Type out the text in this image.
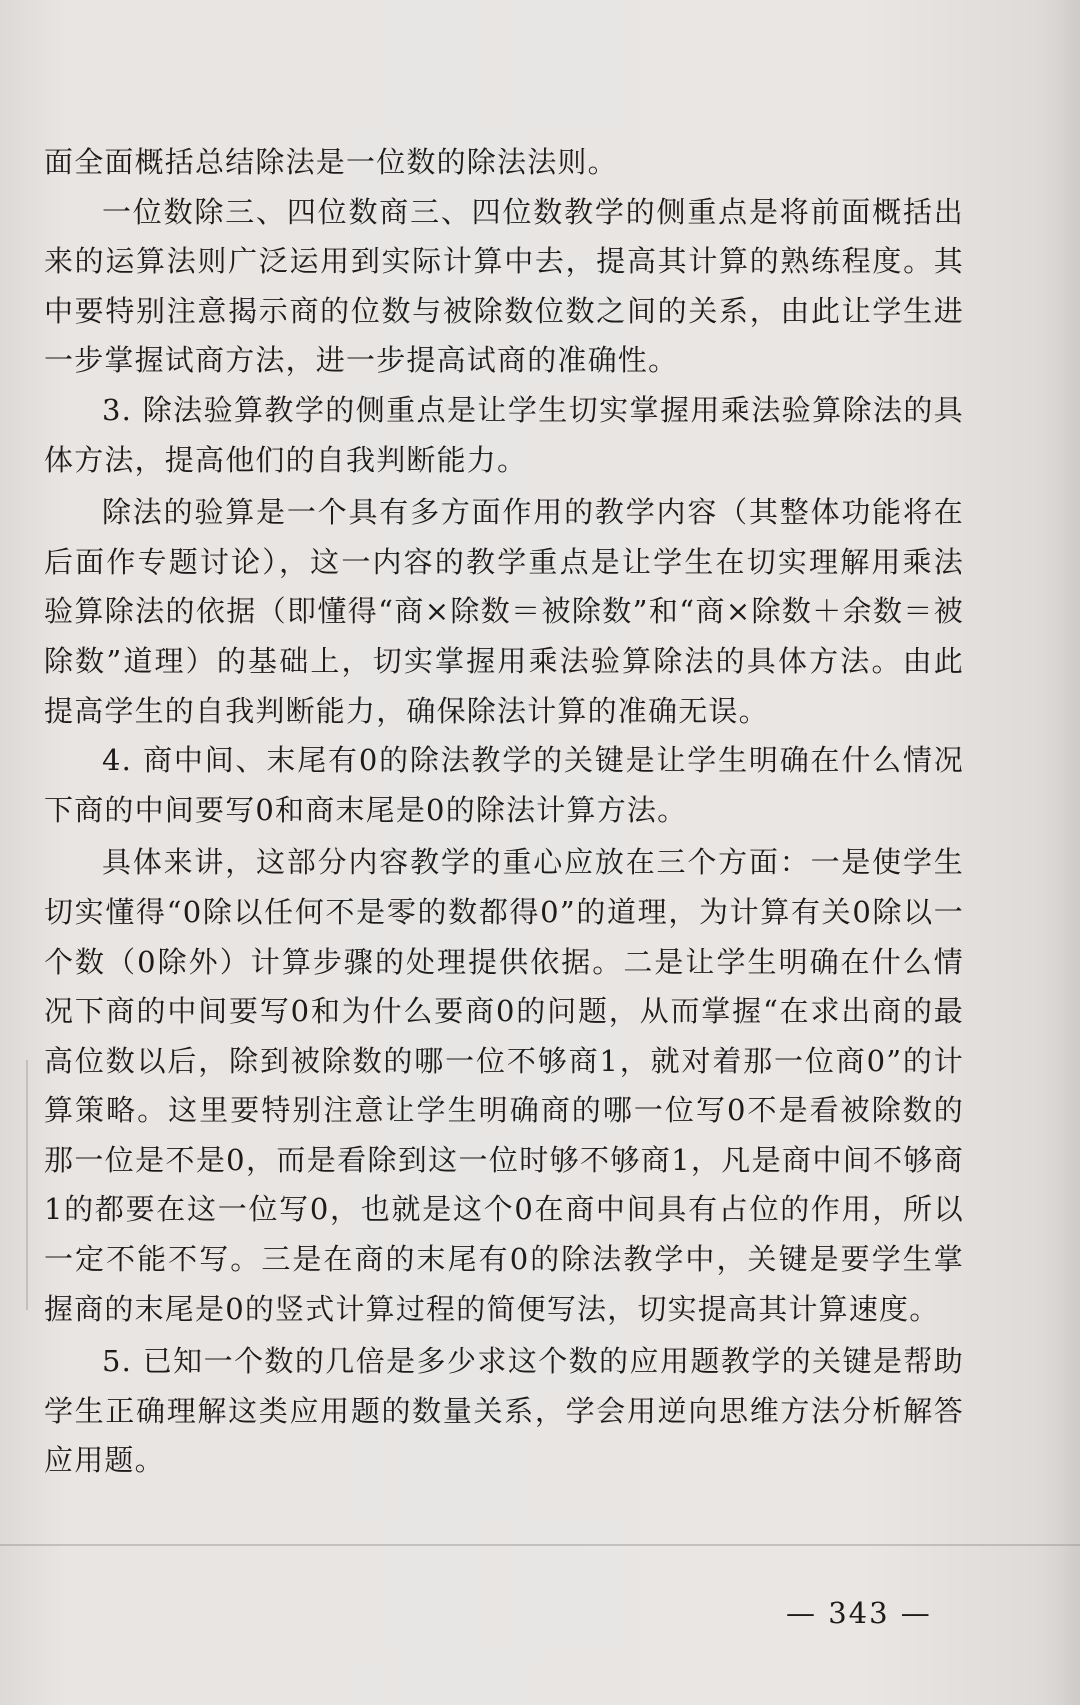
面全面概括总结除法是一位数的除法法则。

一位数除三、四位数商三、四位数教学的侧重点是将前面概括出来的运算法则广泛运用到实际计算中去，提高其计算的熟练程度。其中要特别注意揭示商的位数与被除数位数之间的关系，由此让学生进一步掌握试商方法，进一步提高试商的准确性。

3. 除法验算教学的侧重点是让学生切实掌握用乘法验算除法的具体方法，提高他们的自我判断能力。

除法的验算是一个具有多方面作用的教学内容（其整体功能将在后面作专题讨论），这一内容的教学重点是让学生在切实理解用乘法验算除法的依据（即懂得“商×除数＝被除数”和“商×除数＋余数＝被除数”道理）的基础上，切实掌握用乘法验算除法的具体方法。由此提高学生的自我判断能力，确保除法计算的准确无误。

4. 商中间、末尾有0的除法教学的关键是让学生明确在什么情况下商的中间要写0和商末尾是0的除法计算方法。

具体来讲，这部分内容教学的重心应放在三个方面：一是使学生切实懂得“0除以任何不是零的数都得0”的道理，为计算有关0除以一个数（0除外）计算步骤的处理提供依据。二是让学生明确在什么情况下商的中间要写0和为什么要商0的问题，从而掌握“在求出商的最高位数以后，除到被除数的哪一位不够商1，就对着那一位商0”的计算策略。这里要特别注意让学生明确商的哪一位写0不是看被除数的那一位是不是0，而是看除到这一位时够不够商1，凡是商中间不够商1的都要在这一位写0，也就是这个0在商中间具有占位的作用，所以一定不能不写。三是在商的末尾有0的除法教学中，关键是要学生掌握商的末尾是0的竖式计算过程的简便写法，切实提高其计算速度。

5. 已知一个数的几倍是多少求这个数的应用题教学的关键是帮助学生正确理解这类应用题的数量关系，学会用逆向思维方法分析解答应用题。

— 343 —
